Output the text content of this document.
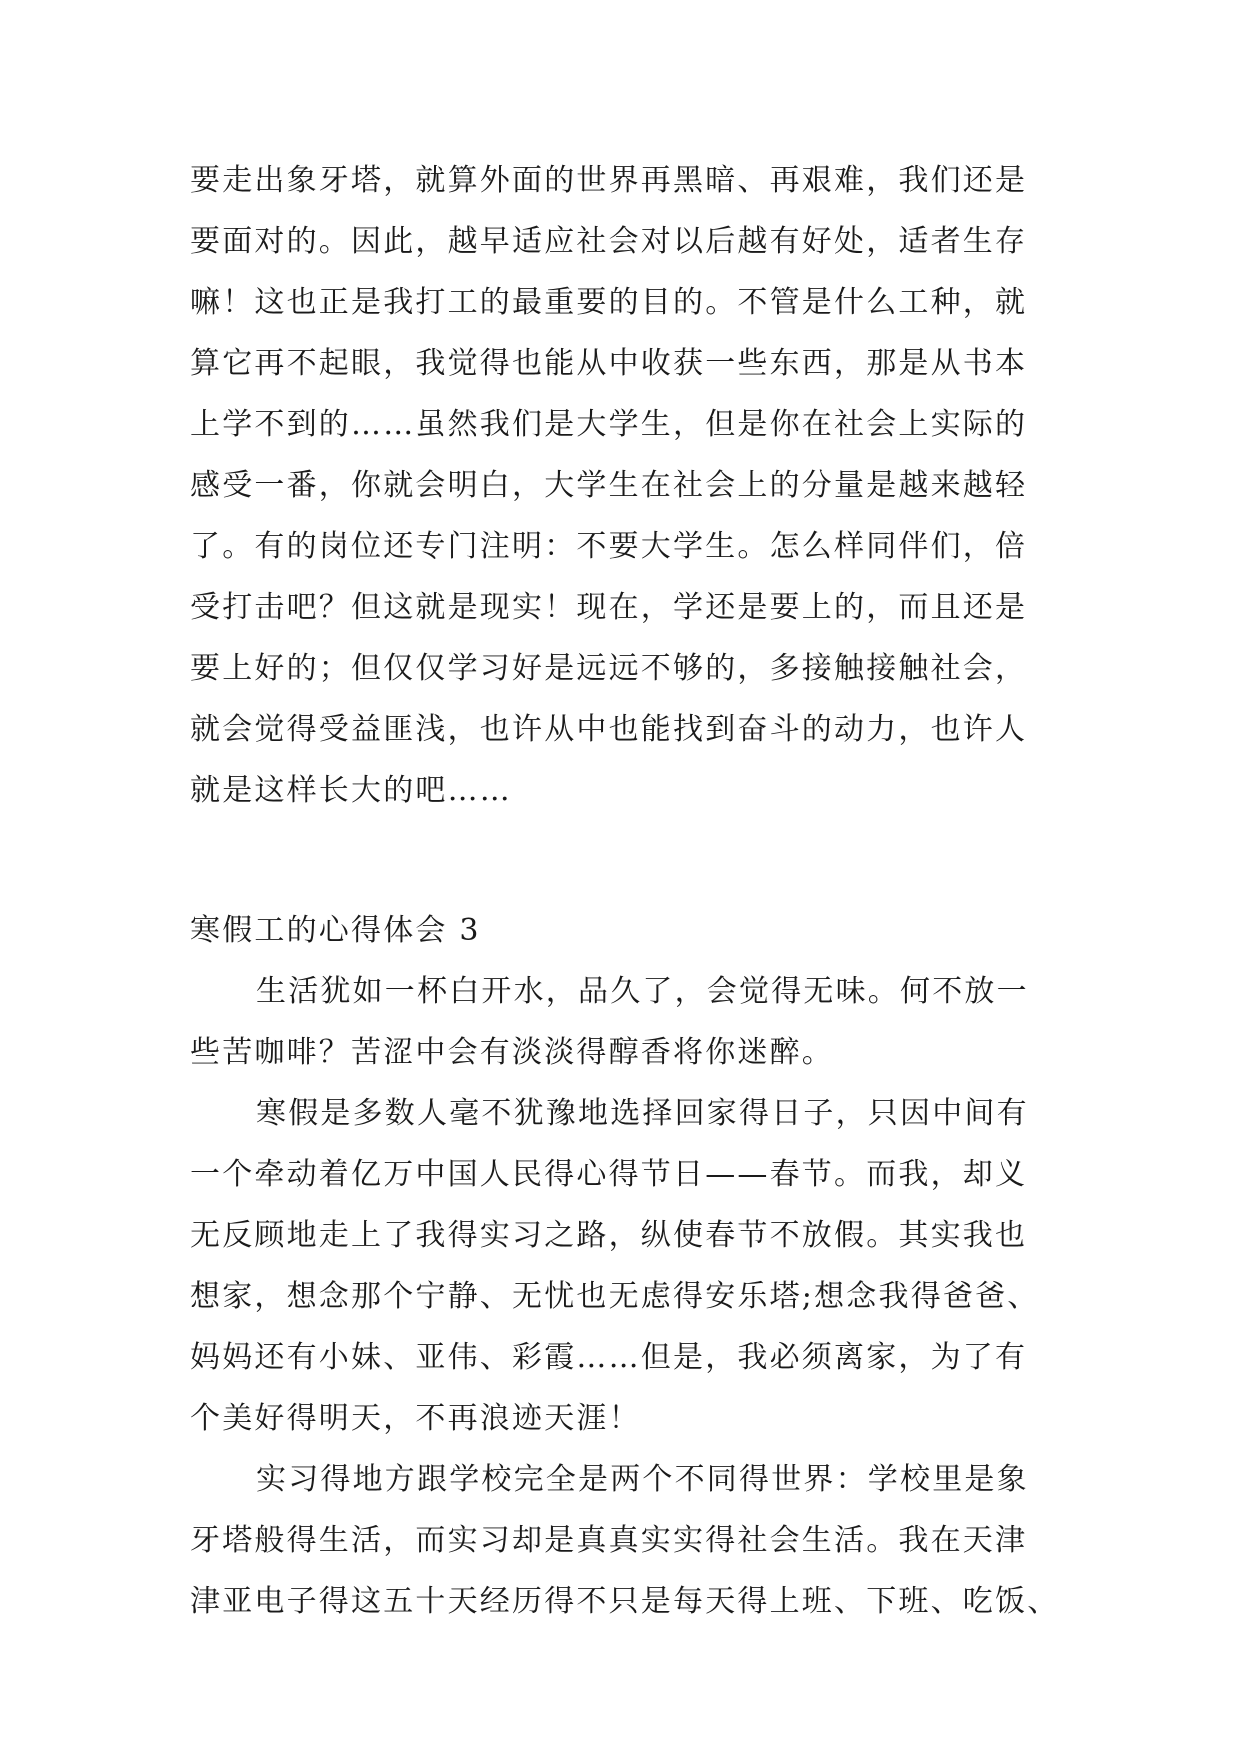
要走出象牙塔，就算外面的世界再黑暗、再艰难，我们还是
要面对的。因此，越早适应社会对以后越有好处，适者生存
嘛！这也正是我打工的最重要的目的。不管是什么工种，就
算它再不起眼，我觉得也能从中收获一些东西，那是从书本
上学不到的……虽然我们是大学生，但是你在社会上实际的
感受一番，你就会明白，大学生在社会上的分量是越来越轻
了。有的岗位还专门注明：不要大学生。怎么样同伴们，倍
受打击吧？但这就是现实！现在，学还是要上的，而且还是
要上好的；但仅仅学习好是远远不够的，多接触接触社会，
就会觉得受益匪浅，也许从中也能找到奋斗的动力，也许人
就是这样长大的吧……
寒假工的心得体会 3
生活犹如一杯白开水，品久了，会觉得无味。何不放一
些苦咖啡？苦涩中会有淡淡得醇香将你迷醉。
寒假是多数人毫不犹豫地选择回家得日子，只因中间有
一个牵动着亿万中国人民得心得节日——春节。而我，却义
无反顾地走上了我得实习之路，纵使春节不放假。其实我也
想家，想念那个宁静、无忧也无虑得安乐塔;想念我得爸爸、
妈妈还有小妹、亚伟、彩霞……但是，我必须离家，为了有
个美好得明天，不再浪迹天涯！
实习得地方跟学校完全是两个不同得世界：学校里是象
牙塔般得生活，而实习却是真真实实得社会生活。我在天津
津亚电子得这五十天经历得不只是每天得上班、下班、吃饭、
